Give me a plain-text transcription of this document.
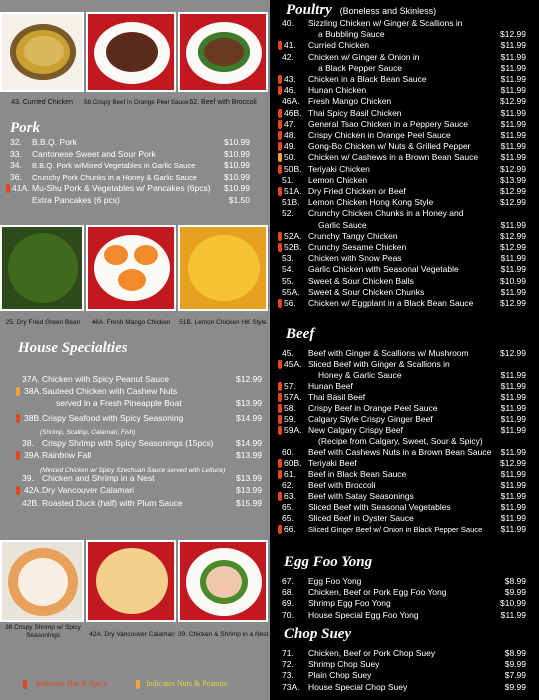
43. Curried Chicken	58.Crispy Beef in Orange Peel Sauce 62. Beef with Broccoli
Pork
32. B.B.Q. Pork	$10.99
33. Cantonese Sweet and Sour Pork	$10.99
34. B.B.Q. Pork w/Mixed Vegetables in Garlic Sauce	$10.99
36. Crunchy Pork Chunks in a Honey & Garlic Sauce	$10.99
41A. Mu-Shu Pork & Vegetables w/ Pancakes (6pcs) $10.99
Extra Pancakes (6 pcs)	$1.50
25. Dry Fried Green Bean	46A. Fresh Mango Chicken	51B. Lemon Chicken HK Style
House Specialties
37A. Chicken with Spicy Peanut Sauce	$12.99
38A. Sauteed Chicken with Cashew Nuts
served in a Fresh Pineapple Boat	$13.99
38B. Crispy Seafood with Spicy Seasoning	$14.99
38. Crispy Shrimp with Spicy Seasonings (15pcs)	$14.99
39A. Rainbow Fall	$13.99
39. Chicken and Shrimp in a Nest	$13.99
42A. Dry Vancouver Calamari	$13.99
42B. Roasted Duck (half) with Plum Sauce	$15.99
(Shrimp, Scallop, Calamari, Fish)
(Minced Chicken w/ Spicy Szechuan Sauce served with Lettuce)
38.Crispy Shrimp w/ Spicy Seasonings	42A. Dry Vancouver Calamari 39. Chicken & Shrimp in a Nest
Indicates Hot & Spicy	Indicates Nuts & Peanuts
Poultry (Boneless and Skinless)
40. Sizzling Chicken w/ Ginger & Scallions in
a Bubbling Sauce	$12.99
41. Curried Chicken	$11.99
42. Chicken w/ Ginger & Onion in	$11.99
a Black Pepper Sauce	$11.99
43. Chicken in a Black Bean Sauce	$11.99
46. Hunan Chicken	$11.99
46A. Fresh Mango Chicken	$12.99
46B. Thai Spicy Basil Chicken	$11.99
47. General Tsao Chicken in a Peppery Sauce	$11.99
48. Crispy Chicken in Orange Peel Sauce	$11.99
49. Gong-Bo Chicken w/ Nuts & Grilled Pepper	$11.99
50. Chicken w/ Cashews in a Brown Bean Sauce	$11.99
50B. Teriyaki Chicken	$12.99
51. Lemon Chicken	$13.99
51A. Dry Fried Chicken or Beef	$12.99
51B. Lemon Chicken Hong Kong Style	$12.99
52. Crunchy Chicken Chunks in a Honey and
Garlic Sauce	$11.99
52A. Crunchy Tangy Chicken	$12.99
52B. Crunchy Sesame Chicken	$12.99
53. Chicken with Snow Peas	$11.99
54. Garlic Chicken with Seasonal Vegetable	$11.99
55. Sweet & Sour Chicken Balls	$10.99
55A. Sweet & Sour Chicken Chunks	$11.99
56. Chicken w/ Eggplant in a Black Bean Sauce	$12.99
Beef
45. Beef with Ginger & Scallions w/ Mushroom	$12.99
45A. Sliced Beef with Ginger & Scallions in
Honey & Garlic Sauce	$11.99
57. Hunan Beef	$11.99
57A. Thai Basil Beef	$11.99
58. Crispy Beef in Orange Peel Sauce	$11.99
59. Calgary Style Crispy Ginger Beef	$11.99
59A. New Calgary Crispy Beef	$11.99
(Recipe from Calgary, Sweet, Sour & Spicy)
60. Beef with Cashews Nuts in a Brown Bean Sauce $11.99
60B. Teriyaki Beef	$12.99
61. Beef in Black Bean Sauce	$11.99
62. Beef with Broccoli	$11.99
63. Beef with Satay Seasonings	$11.99
65. Sliced Beef with Seasonal Vegetables	$11.99
65. Sliced Beef in Oyster Sauce	$11.99
66. Sliced Ginger Beef w/ Onion in Black Pepper Sauce $11.99
Egg Foo Yong
67. Egg Foo Yong	$8.99
68. Chicken, Beef or Pork Egg Foo Yong	$9.99
69. Shrimp Egg Foo Yong	$10.99
70. House Special Egg Foo Yong	$11.99
Chop Suey
71. Chicken, Beef or Pork Chop Suey	$8.99
72. Shrimp Chop Suey	$9.99
73. Plain Chop Suey	$7.99
73A. House Special Chop Suey	$9.99
